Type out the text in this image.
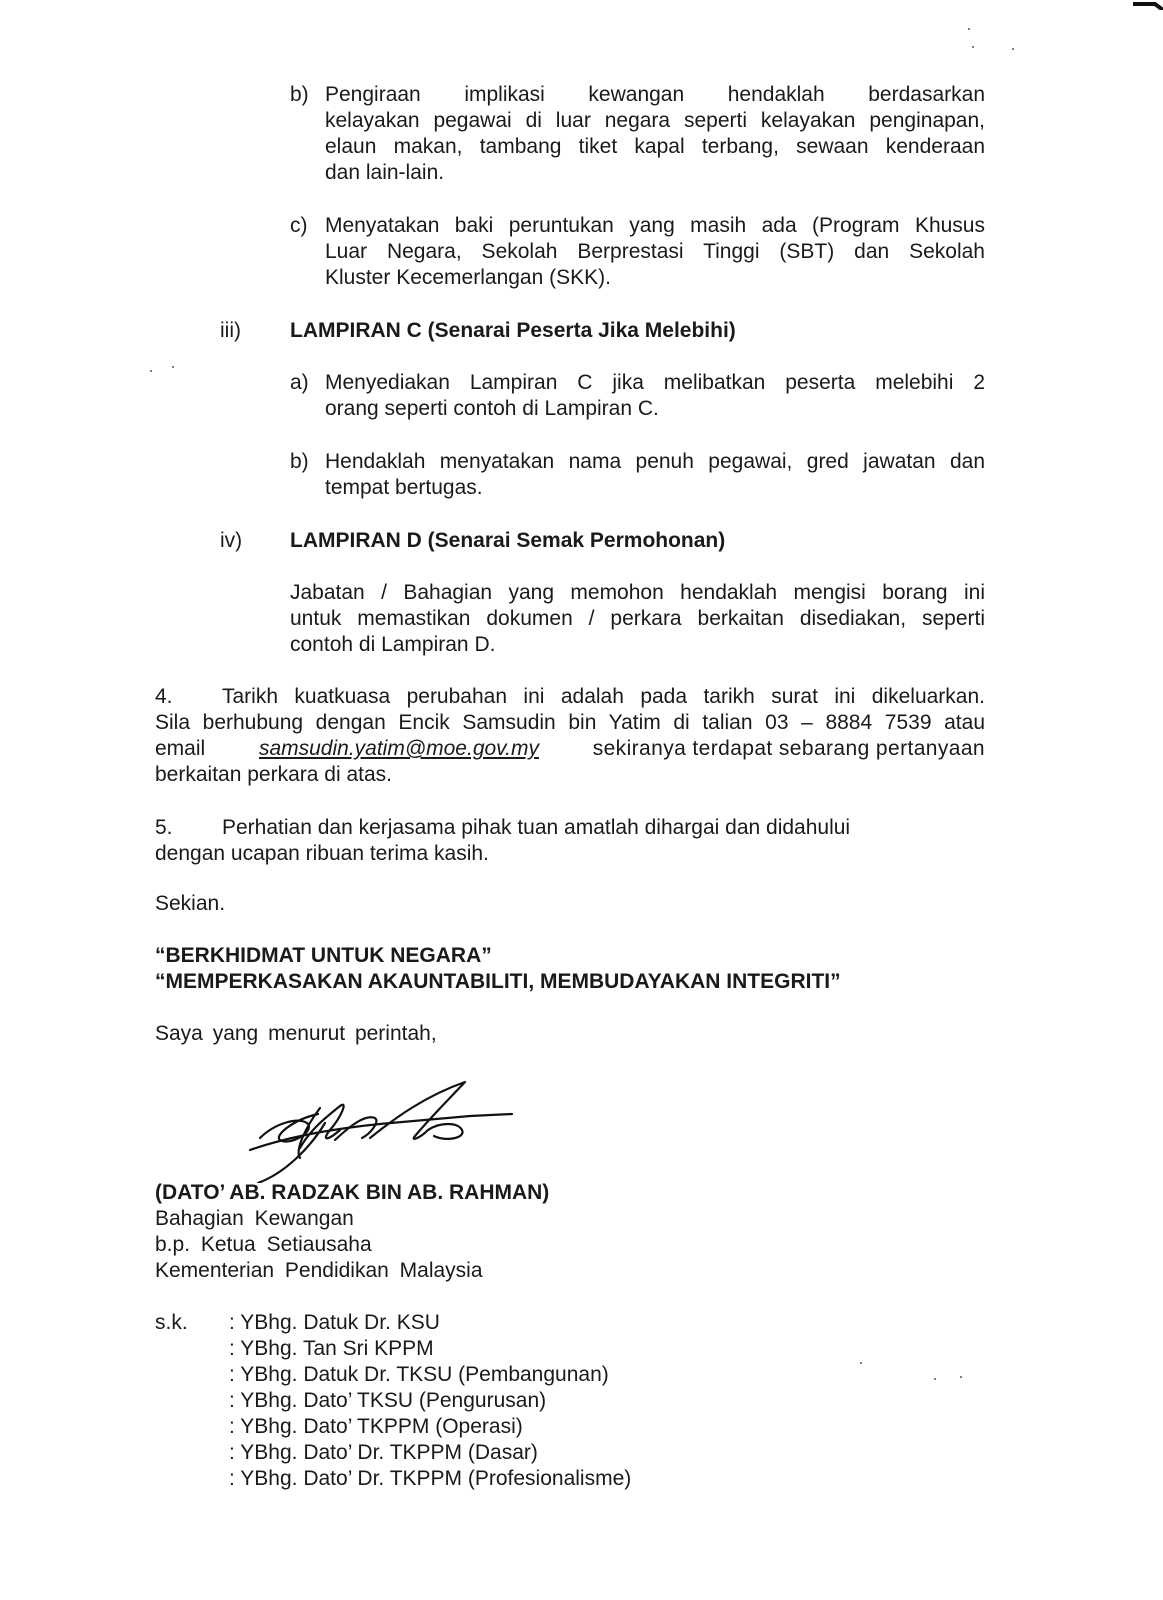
b) Pengiraan implikasi kewangan hendaklah berdasarkan
kelayakan pegawai di luar negara seperti kelayakan penginapan,
elaun makan, tambang tiket kapal terbang, sewaan kenderaan
dan lain-lain.
c) Menyatakan baki peruntukan yang masih ada (Program Khusus
Luar Negara, Sekolah Berprestasi Tinggi (SBT) dan Sekolah
Kluster Kecemerlangan (SKK).
iii) LAMPIRAN C (Senarai Peserta Jika Melebihi)
a) Menyediakan Lampiran C jika melibatkan peserta melebihi 2
orang seperti contoh di Lampiran C.
b) Hendaklah menyatakan nama penuh pegawai, gred jawatan dan
tempat bertugas.
iv) LAMPIRAN D (Senarai Semak Permohonan)
Jabatan / Bahagian yang memohon hendaklah mengisi borang ini
untuk memastikan dokumen / perkara berkaitan disediakan, seperti
contoh di Lampiran D.
4. Tarikh kuatkuasa perubahan ini adalah pada tarikh surat ini dikeluarkan.
Sila berhubung dengan Encik Samsudin bin Yatim di talian 03 – 8884 7539 atau
email	samsudin.yatim@moe.gov.my	sekiranya terdapat sebarang pertanyaan
berkaitan perkara di atas.
5. Perhatian dan kerjasama pihak tuan amatlah dihargai dan didahului
dengan ucapan ribuan terima kasih.
Sekian.
“BERKHIDMAT UNTUK NEGARA”
“MEMPERKASAKAN AKAUNTABILITI, MEMBUDAYAKAN INTEGRITI”
Saya yang menurut perintah,
(DATO’ AB. RADZAK BIN AB. RAHMAN)
Bahagian Kewangan
b.p. Ketua Setiausaha
Kementerian Pendidikan Malaysia
s.k. : YBhg. Datuk Dr. KSU
: YBhg. Tan Sri KPPM
: YBhg. Datuk Dr. TKSU (Pembangunan)
: YBhg. Dato’ TKSU (Pengurusan)
: YBhg. Dato’ TKPPM (Operasi)
: YBhg. Dato’ Dr. TKPPM (Dasar)
: YBhg. Dato’ Dr. TKPPM (Profesionalisme)
